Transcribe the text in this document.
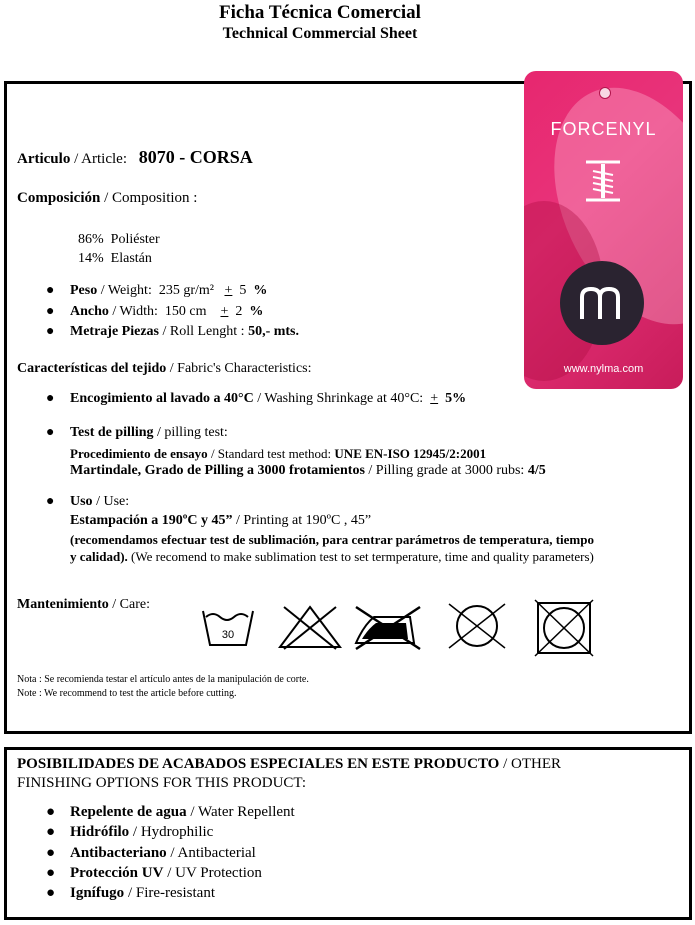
Ficha Técnica Comercial
Technical Commercial Sheet
Articulo / Article: 8070 - CORSA
Composición / Composition :
86% Poliéster
14% Elastán
● Peso / Weight: 235 gr/m² + 5 %
● Ancho / Width: 150 cm + 2 %
● Metraje Piezas / Roll Lenght : 50,- mts.
Características del tejido / Fabric's Characteristics:
● Encogimiento al lavado a 40°C / Washing Shrinkage at 40°C: + 5%
● Test de pilling / pilling test:
Procedimiento de ensayo / Standard test method: UNE EN-ISO 12945/2:2001
Martindale, Grado de Pilling a 3000 frotamientos / Pilling grade at 3000 rubs: 4/5
● Uso / Use:
Estampación a 190ºC y 45” / Printing at 190ºC , 45”
(recomendamos efectuar test de sublimación, para centrar parámetros de temperatura, tiempo
y calidad). (We recomend to make sublimation test to set termperature, time and quality parameters)
Mantenimiento / Care:
30
Nota : Se recomienda testar el artículo antes de la manipulación de corte.
Note : We recommend to test the article before cutting.
FORCENYL
www.nylma.com
POSIBILIDADES DE ACABADOS ESPECIALES EN ESTE PRODUCTO / OTHER
FINISHING OPTIONS FOR THIS PRODUCT:
● Repelente de agua / Water Repellent
● Hidrófilo / Hydrophilic
● Antibacteriano / Antibacterial
● Protección UV / UV Protection
● Ignífugo / Fire-resistant
